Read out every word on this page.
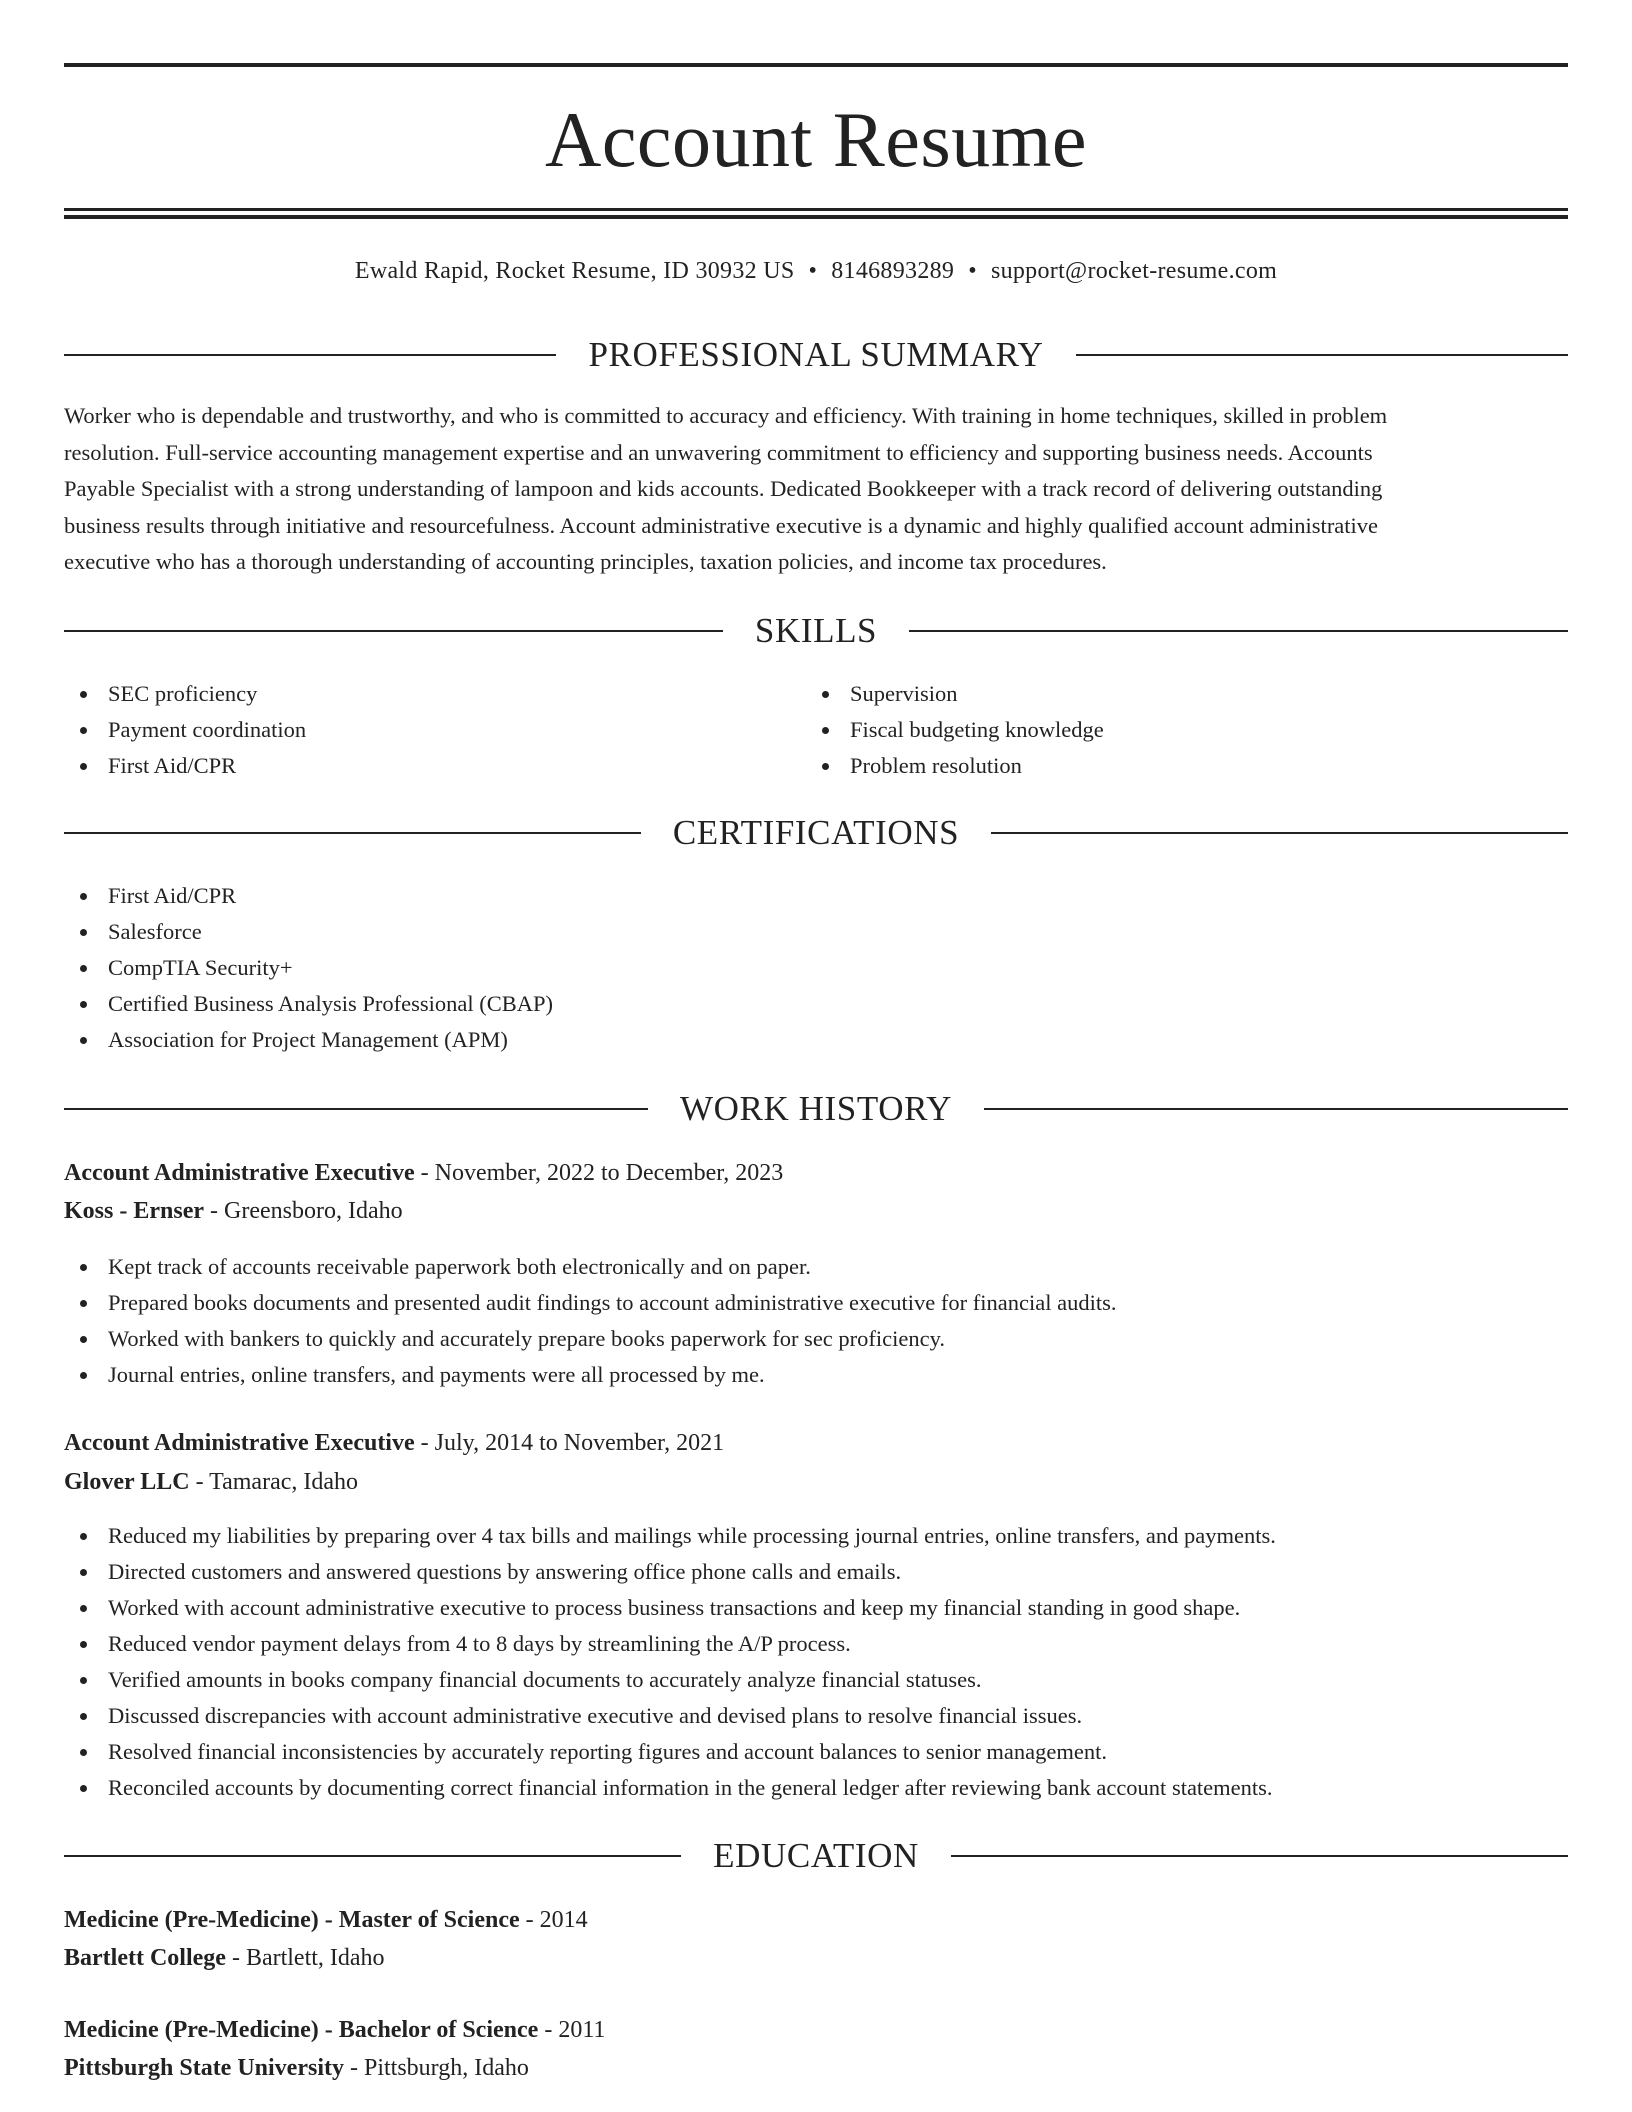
Account Resume
Ewald Rapid, Rocket Resume, ID 30932 US • 8146893289 • support@rocket-resume.com
PROFESSIONAL SUMMARY
Worker who is dependable and trustworthy, and who is committed to accuracy and efficiency. With training in home techniques, skilled in problem
resolution. Full-service accounting management expertise and an unwavering commitment to efficiency and supporting business needs. Accounts
Payable Specialist with a strong understanding of lampoon and kids accounts. Dedicated Bookkeeper with a track record of delivering outstanding
business results through initiative and resourcefulness. Account administrative executive is a dynamic and highly qualified account administrative
executive who has a thorough understanding of accounting principles, taxation policies, and income tax procedures.
SKILLS
SEC proficiency
Payment coordination
First Aid/CPR
Supervision
Fiscal budgeting knowledge
Problem resolution
CERTIFICATIONS
First Aid/CPR
Salesforce
CompTIA Security+
Certified Business Analysis Professional (CBAP)
Association for Project Management (APM)
WORK HISTORY
Account Administrative Executive - November, 2022 to December, 2023
Koss - Ernser - Greensboro, Idaho
Kept track of accounts receivable paperwork both electronically and on paper.
Prepared books documents and presented audit findings to account administrative executive for financial audits.
Worked with bankers to quickly and accurately prepare books paperwork for sec proficiency.
Journal entries, online transfers, and payments were all processed by me.
Account Administrative Executive - July, 2014 to November, 2021
Glover LLC - Tamarac, Idaho
Reduced my liabilities by preparing over 4 tax bills and mailings while processing journal entries, online transfers, and payments.
Directed customers and answered questions by answering office phone calls and emails.
Worked with account administrative executive to process business transactions and keep my financial standing in good shape.
Reduced vendor payment delays from 4 to 8 days by streamlining the A/P process.
Verified amounts in books company financial documents to accurately analyze financial statuses.
Discussed discrepancies with account administrative executive and devised plans to resolve financial issues.
Resolved financial inconsistencies by accurately reporting figures and account balances to senior management.
Reconciled accounts by documenting correct financial information in the general ledger after reviewing bank account statements.
EDUCATION
Medicine (Pre-Medicine) - Master of Science - 2014
Bartlett College - Bartlett, Idaho
Medicine (Pre-Medicine) - Bachelor of Science - 2011
Pittsburgh State University - Pittsburgh, Idaho
